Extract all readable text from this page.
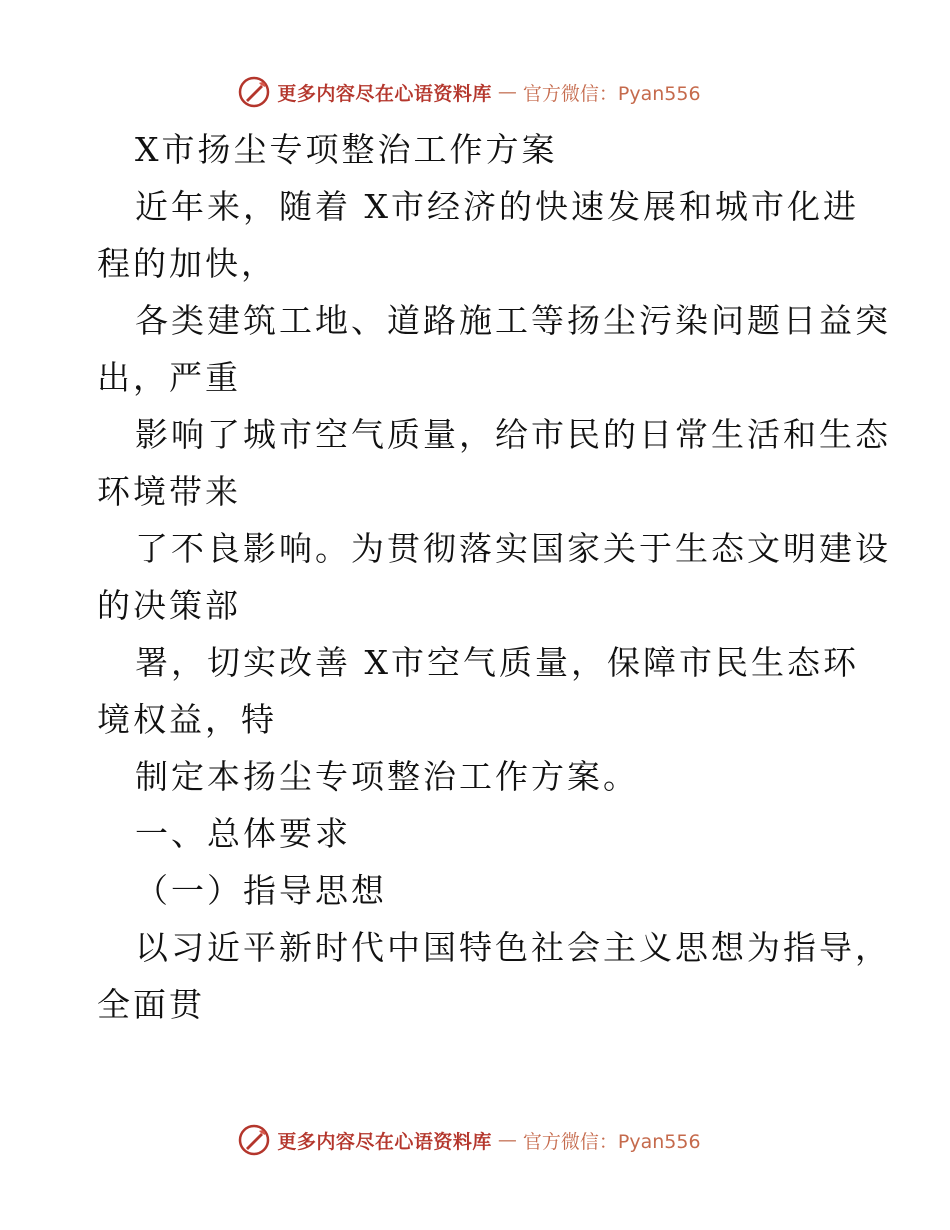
更多内容尽在心语资料库 — 官方微信：Pyan556
X市扬尘专项整治工作方案
近年来，随着 X市经济的快速发展和城市化进
程的加快，
各类建筑工地、道路施工等扬尘污染问题日益突
出，严重
影响了城市空气质量，给市民的日常生活和生态
环境带来
了不良影响。为贯彻落实国家关于生态文明建设
的决策部
署，切实改善 X市空气质量，保障市民生态环
境权益，特
制定本扬尘专项整治工作方案。
一、总体要求
（一）指导思想
以习近平新时代中国特色社会主义思想为指导，
全面贯
更多内容尽在心语资料库 — 官方微信：Pyan556
